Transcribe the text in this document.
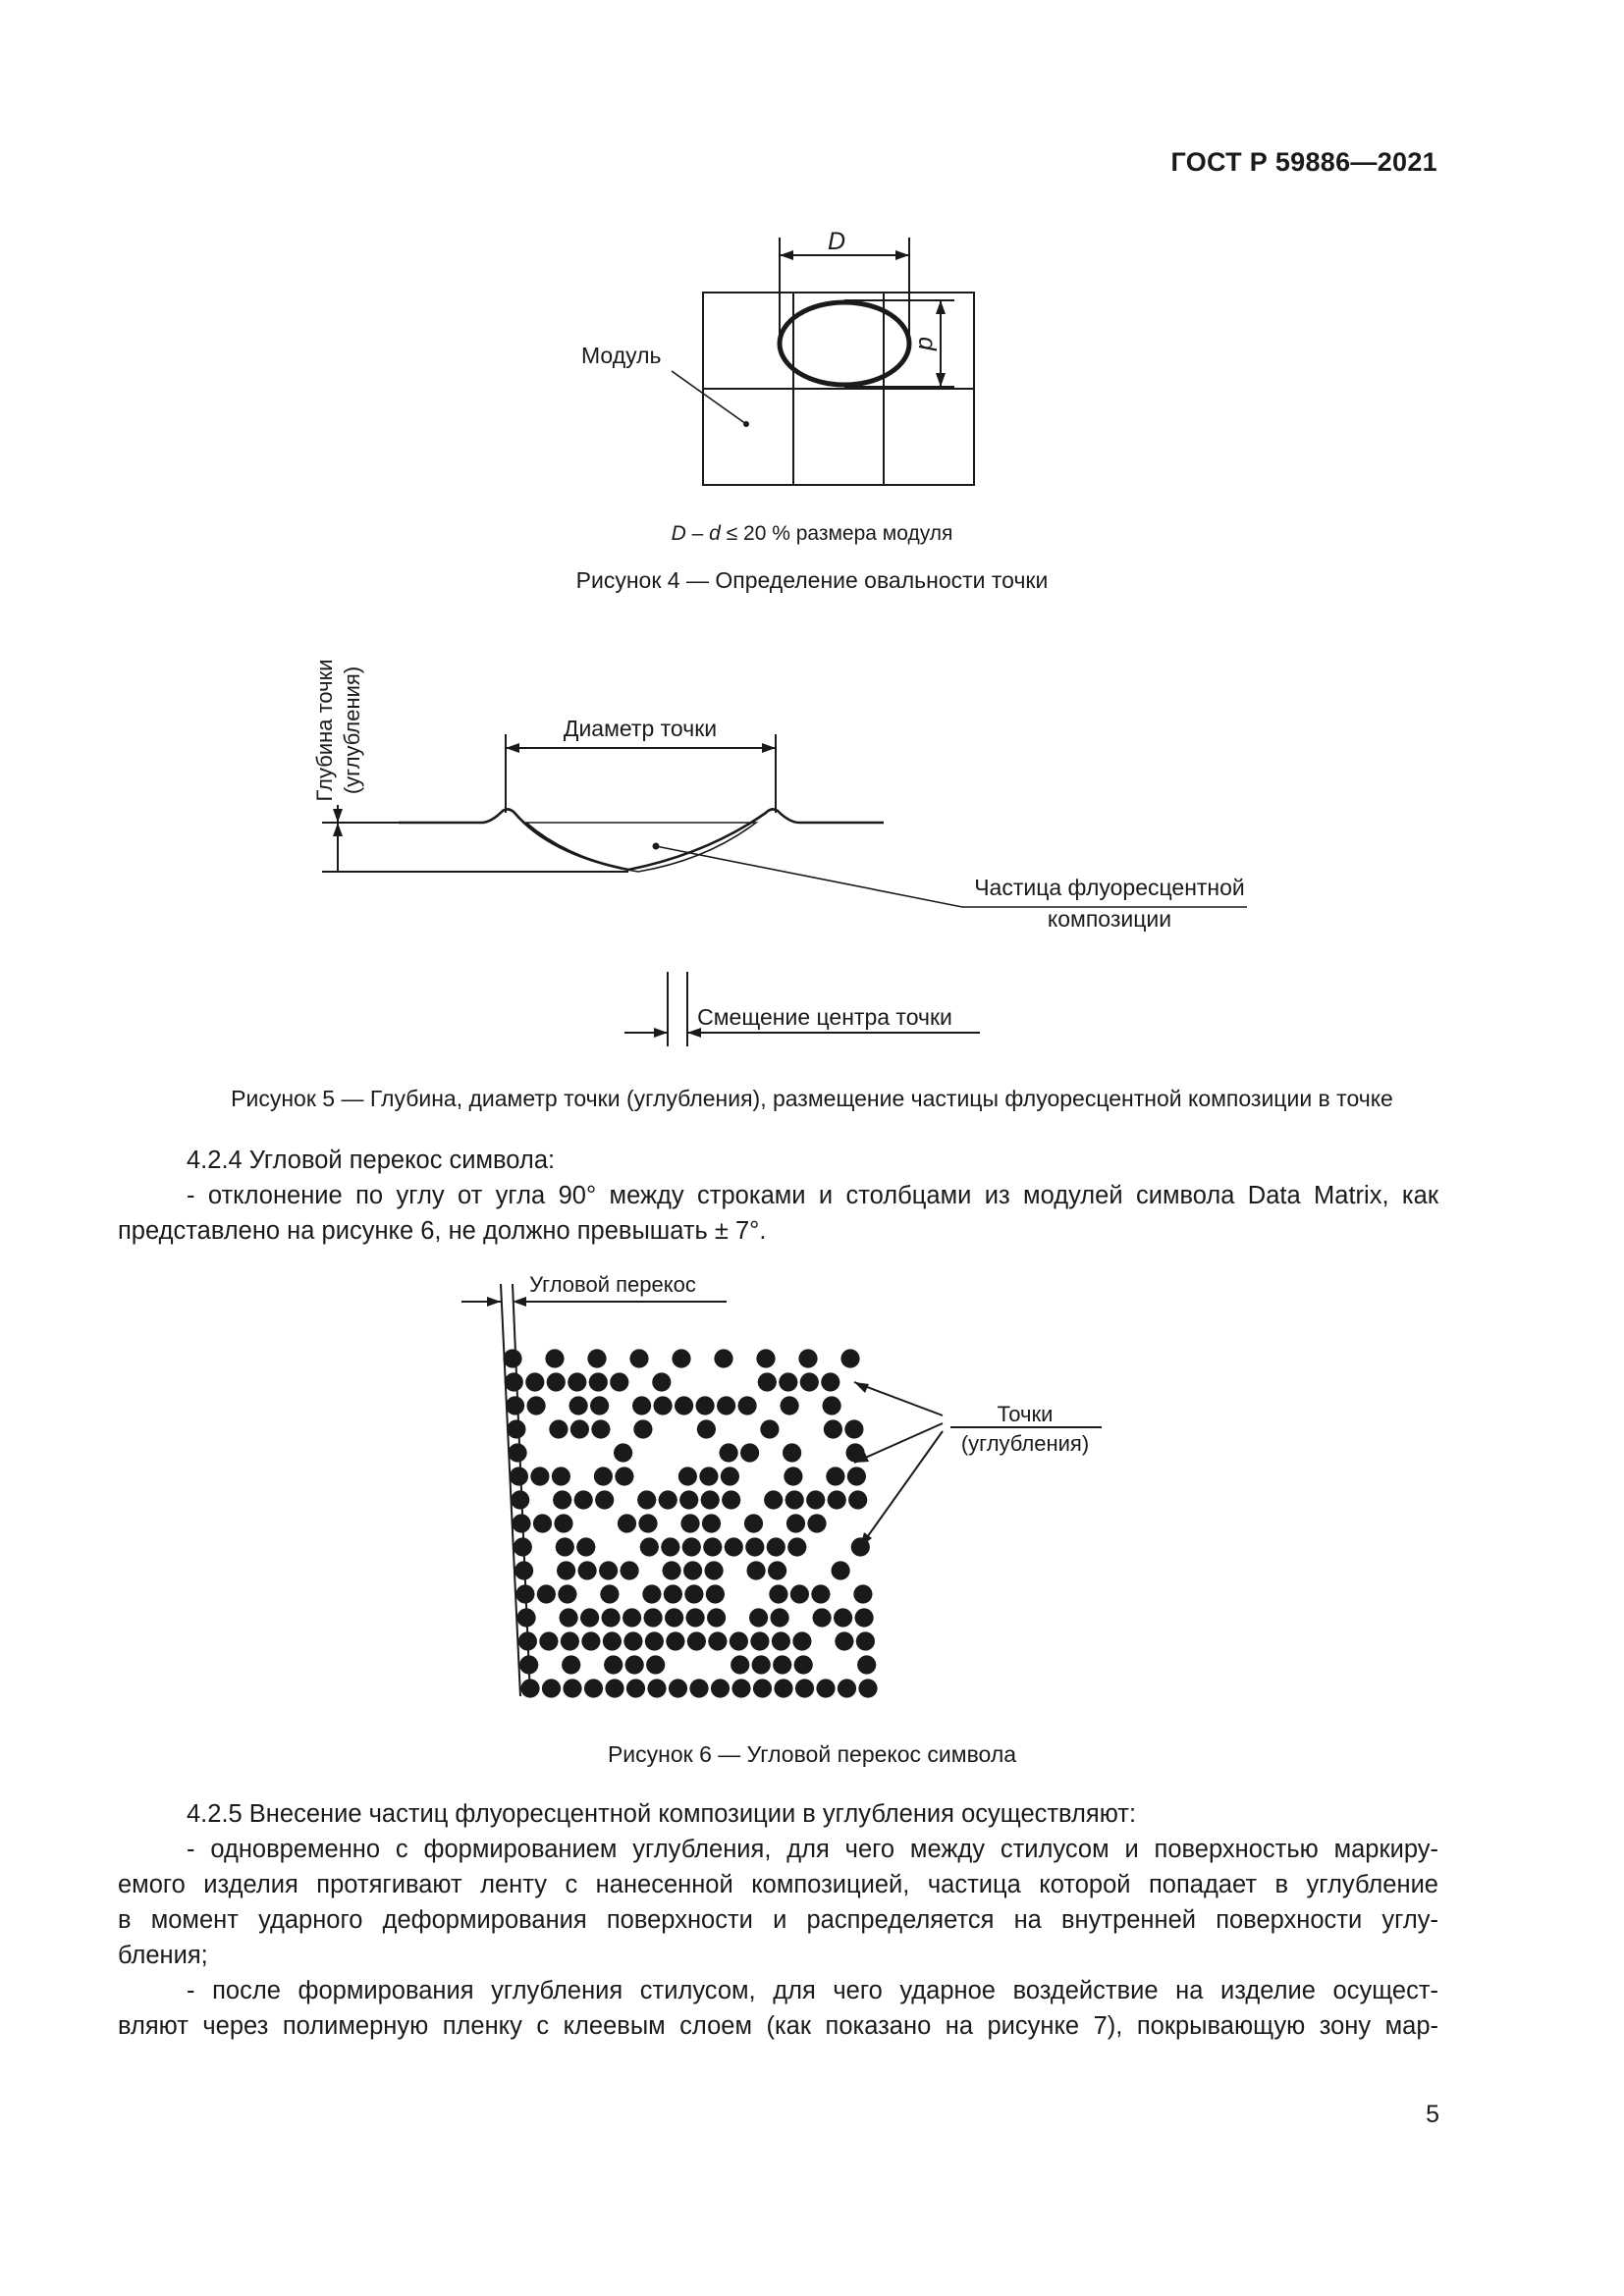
ГОСТ Р 59886—2021
D
d
Модуль
D – d ≤ 20 % размера модуля
Рисунок 4 — Определение овальности точки
Глубина точки (углубления)	Диаметр точки
Частица флуоресцентной
композиции
Смещение центра точки
Рисунок 5 — Глубина, диаметр точки (углубления), размещение частицы флуоресцентной композиции в точке
4.2.4 Угловой перекос символа:
- отклонение по углу от угла 90° между строками и столбцами из модулей символа Data Matrix, как
представлено на рисунке 6, не должно превышать ± 7°.
Угловой перекос
Точки
(углубления)
Рисунок 6 — Угловой перекос символа
4.2.5 Внесение частиц флуоресцентной композиции в углубления осуществляют:
- одновременно с формированием углубления, для чего между стилусом и поверхностью маркиру-
емого изделия протягивают ленту с нанесенной композицией, частица которой попадает в углубление
в момент ударного деформирования поверхности и распределяется на внутренней поверхности углу-
бления;
- после формирования углубления стилусом, для чего ударное воздействие на изделие осущест-
вляют через полимерную пленку с клеевым слоем (как показано на рисунке 7), покрывающую зону мар-
5
